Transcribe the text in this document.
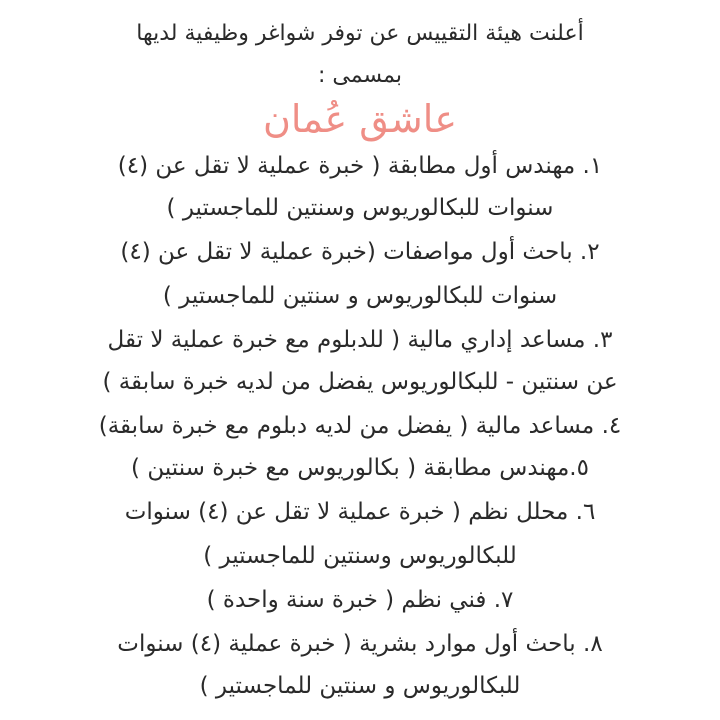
أعلنت هيئة التقييس عن توفر شواغر وظيفية لديها
بمسمى :
عاشق عُمان
١. مهندس أول مطابقة ( خبرة عملية لا تقل عن (٤)
سنوات للبكالوريوس وسنتين للماجستير )
٢. باحث أول مواصفات (خبرة عملية لا تقل عن (٤)
سنوات للبكالوريوس و سنتين للماجستير )
٣. مساعد إداري مالية ( للدبلوم مع خبرة عملية لا تقل
عن سنتين - للبكالوريوس يفضل من لديه خبرة سابقة )
٤. مساعد مالية ( يفضل من لديه دبلوم مع خبرة سابقة)
٥.مهندس مطابقة ( بكالوريوس مع خبرة سنتين )
٦. محلل نظم ( خبرة عملية لا تقل عن (٤) سنوات
للبكالوريوس وسنتين للماجستير )
٧. فني نظم ( خبرة سنة واحدة )
٨. باحث أول موارد بشرية ( خبرة عملية (٤) سنوات
للبكالوريوس و سنتين للماجستير )
